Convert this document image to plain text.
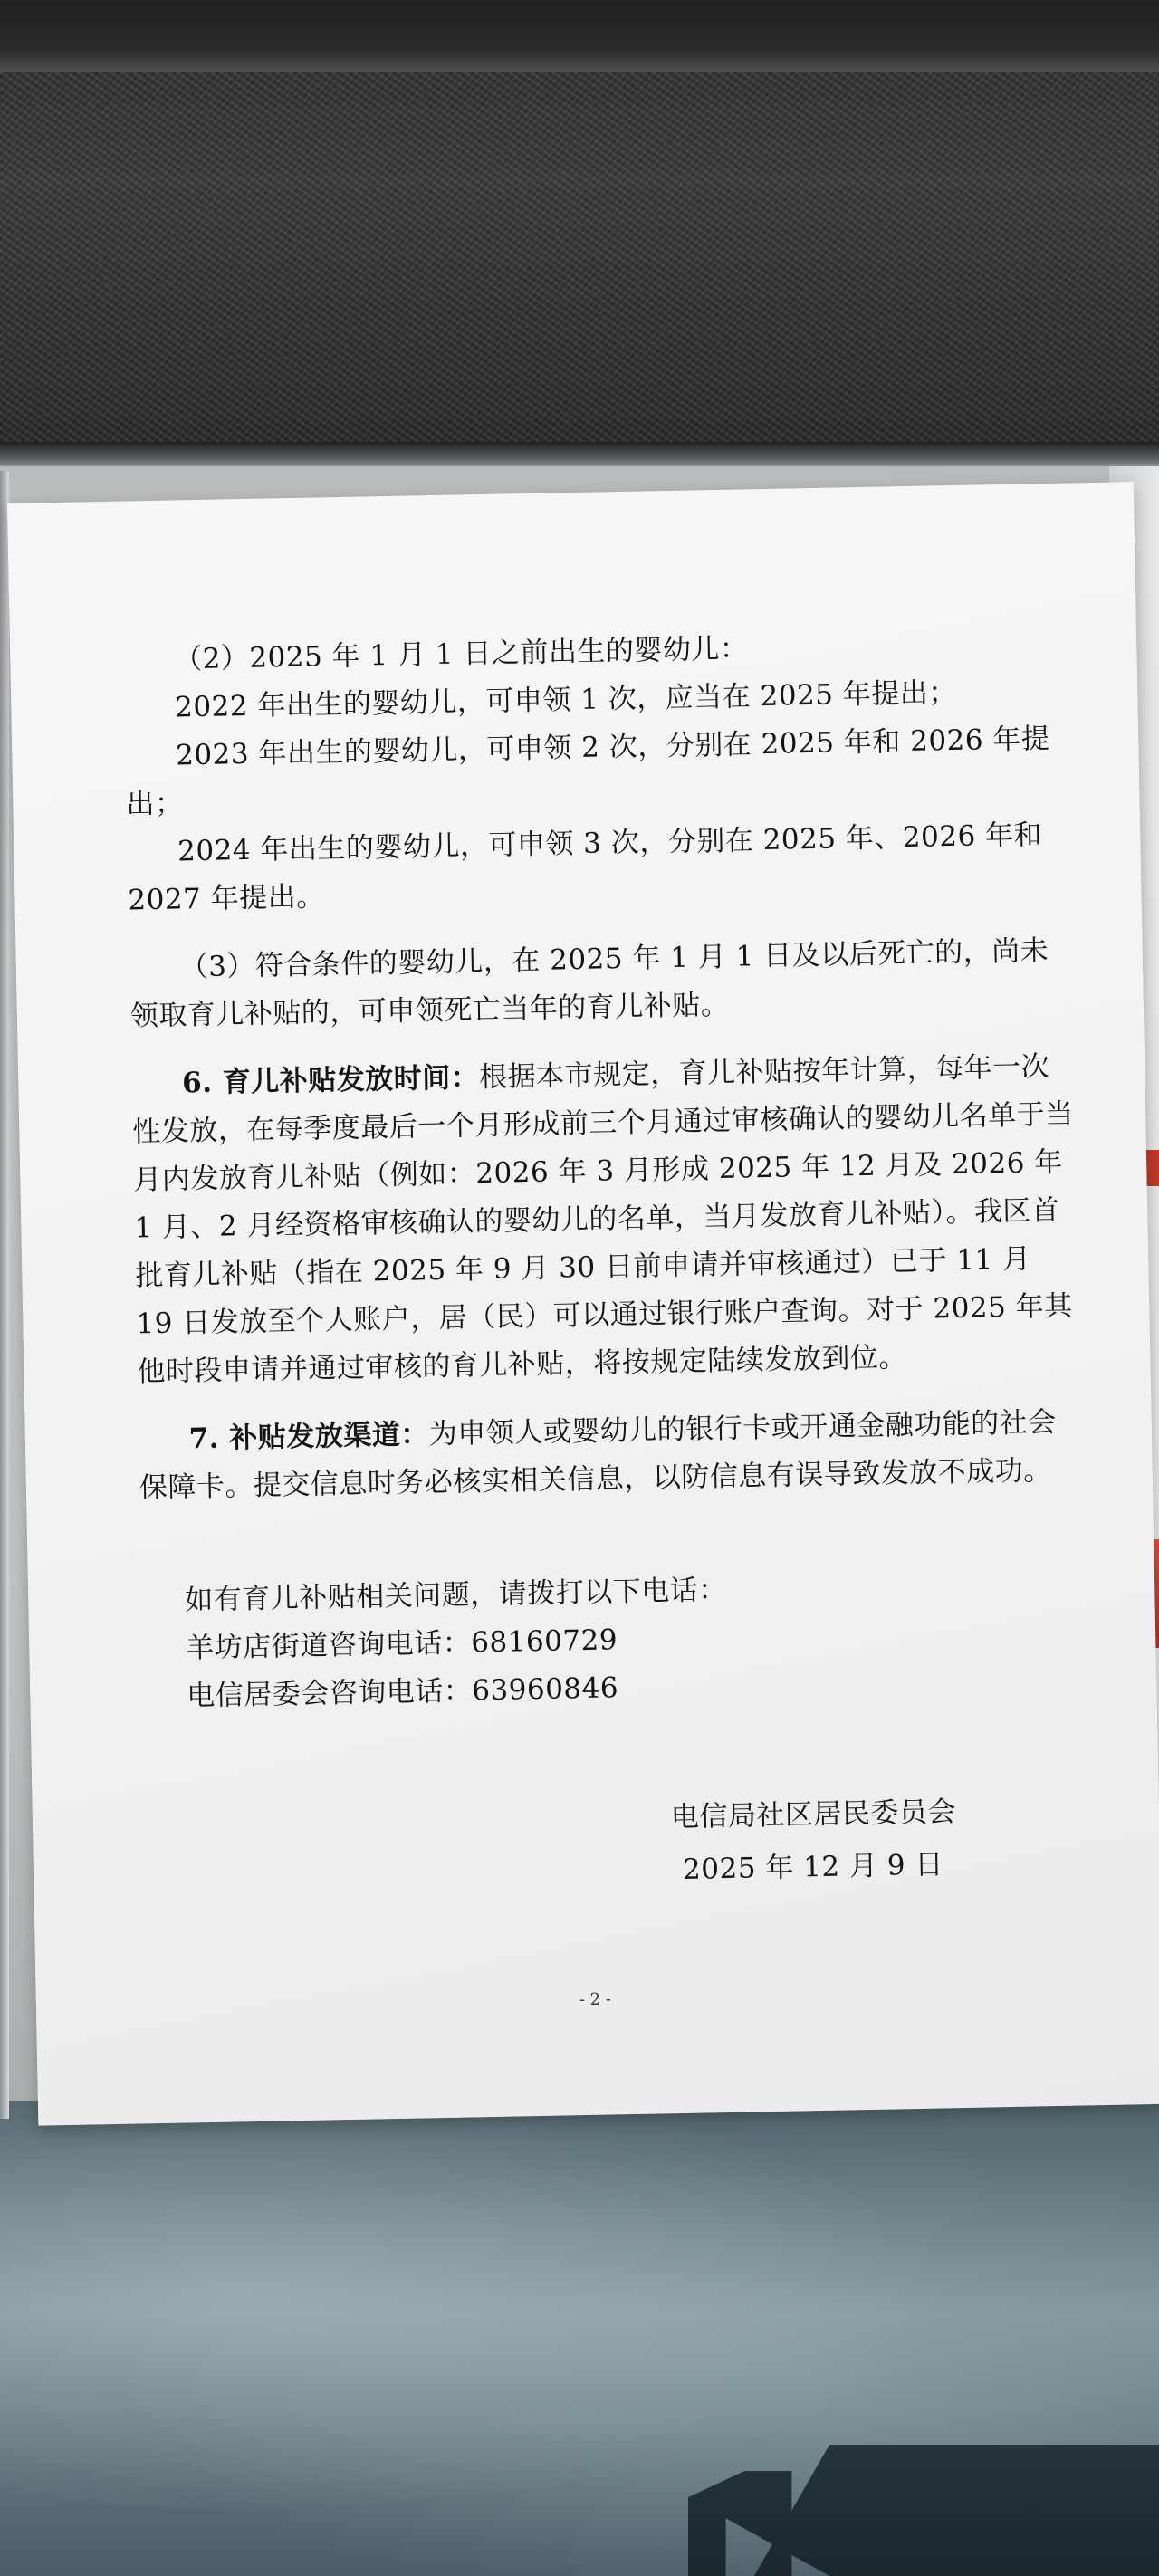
（2）2025 年 1 月 1 日之前出生的婴幼儿：

2022 年出生的婴幼儿，可申领 1 次，应当在 2025 年提出；

2023 年出生的婴幼儿，可申领 2 次，分别在 2025 年和 2026 年提出；

2024 年出生的婴幼儿，可申领 3 次，分别在 2025 年、2026 年和 2027 年提出。

（3）符合条件的婴幼儿，在 2025 年 1 月 1 日及以后死亡的，尚未领取育儿补贴的，可申领死亡当年的育儿补贴。

6. 育儿补贴发放时间：根据本市规定，育儿补贴按年计算，每年一次性发放，在每季度最后一个月形成前三个月通过审核确认的婴幼儿名单于当月内发放育儿补贴（例如：2026 年 3 月形成 2025 年 12 月及 2026 年 1 月、2 月经资格审核确认的婴幼儿的名单，当月发放育儿补贴）。我区首批育儿补贴（指在 2025 年 9 月 30 日前申请并审核通过）已于 11 月 19 日发放至个人账户，居（民）可以通过银行账户查询。对于 2025 年其他时段申请并通过审核的育儿补贴，将按规定陆续发放到位。

7. 补贴发放渠道：为申领人或婴幼儿的银行卡或开通金融功能的社会保障卡。提交信息时务必核实相关信息，以防信息有误导致发放不成功。

如有育儿补贴相关问题，请拨打以下电话：

羊坊店街道咨询电话：68160729

电信居委会咨询电话：63960846

电信局社区居民委员会

2025 年 12 月 9 日

- 2 -
